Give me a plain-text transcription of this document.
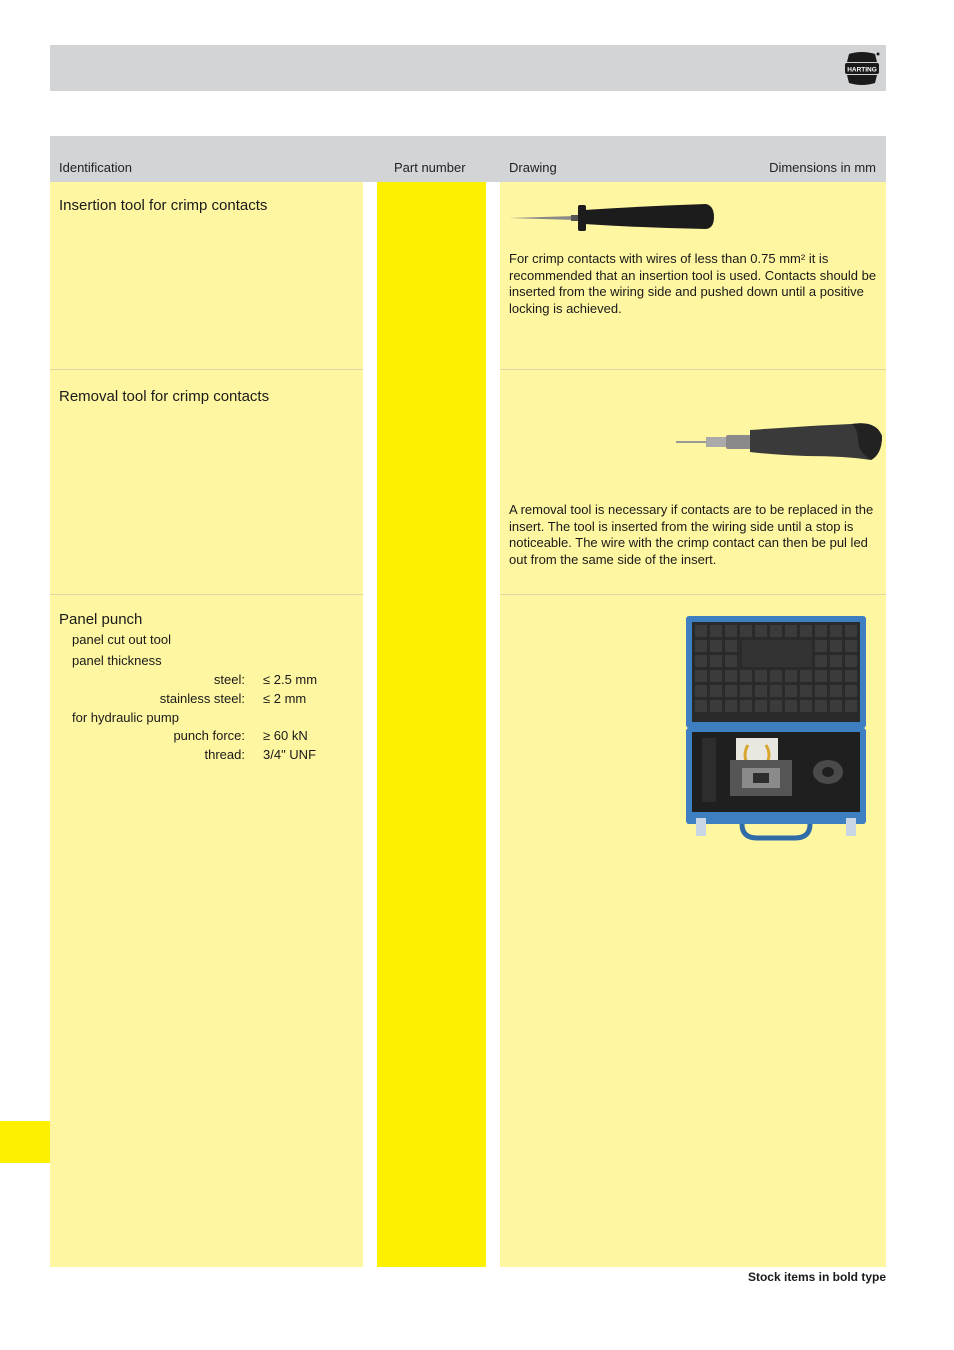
HARTING
Identification	Part number	Drawing	Dimensions in mm
Insertion tool for crimp contacts
For crimp contacts with wires of less than 0.75 mm² it is recommended that an insertion tool is used. Contacts should be inserted from the wiring side and pushed down until a positive locking is achieved.
Removal tool for crimp contacts
A removal tool is necessary if contacts are to be replaced in the insert. The tool is inserted from the wiring side until a stop is noticeable. The wire with the crimp contact can then be pul led out from the same side of the insert.
Panel punch
panel cut out tool
panel thickness
steel: ≤ 2.5 mm
stainless steel: ≤ 2 mm
for hydraulic pump
punch force: ≥ 60 kN
thread: 3/4" UNF
Stock items in bold type
